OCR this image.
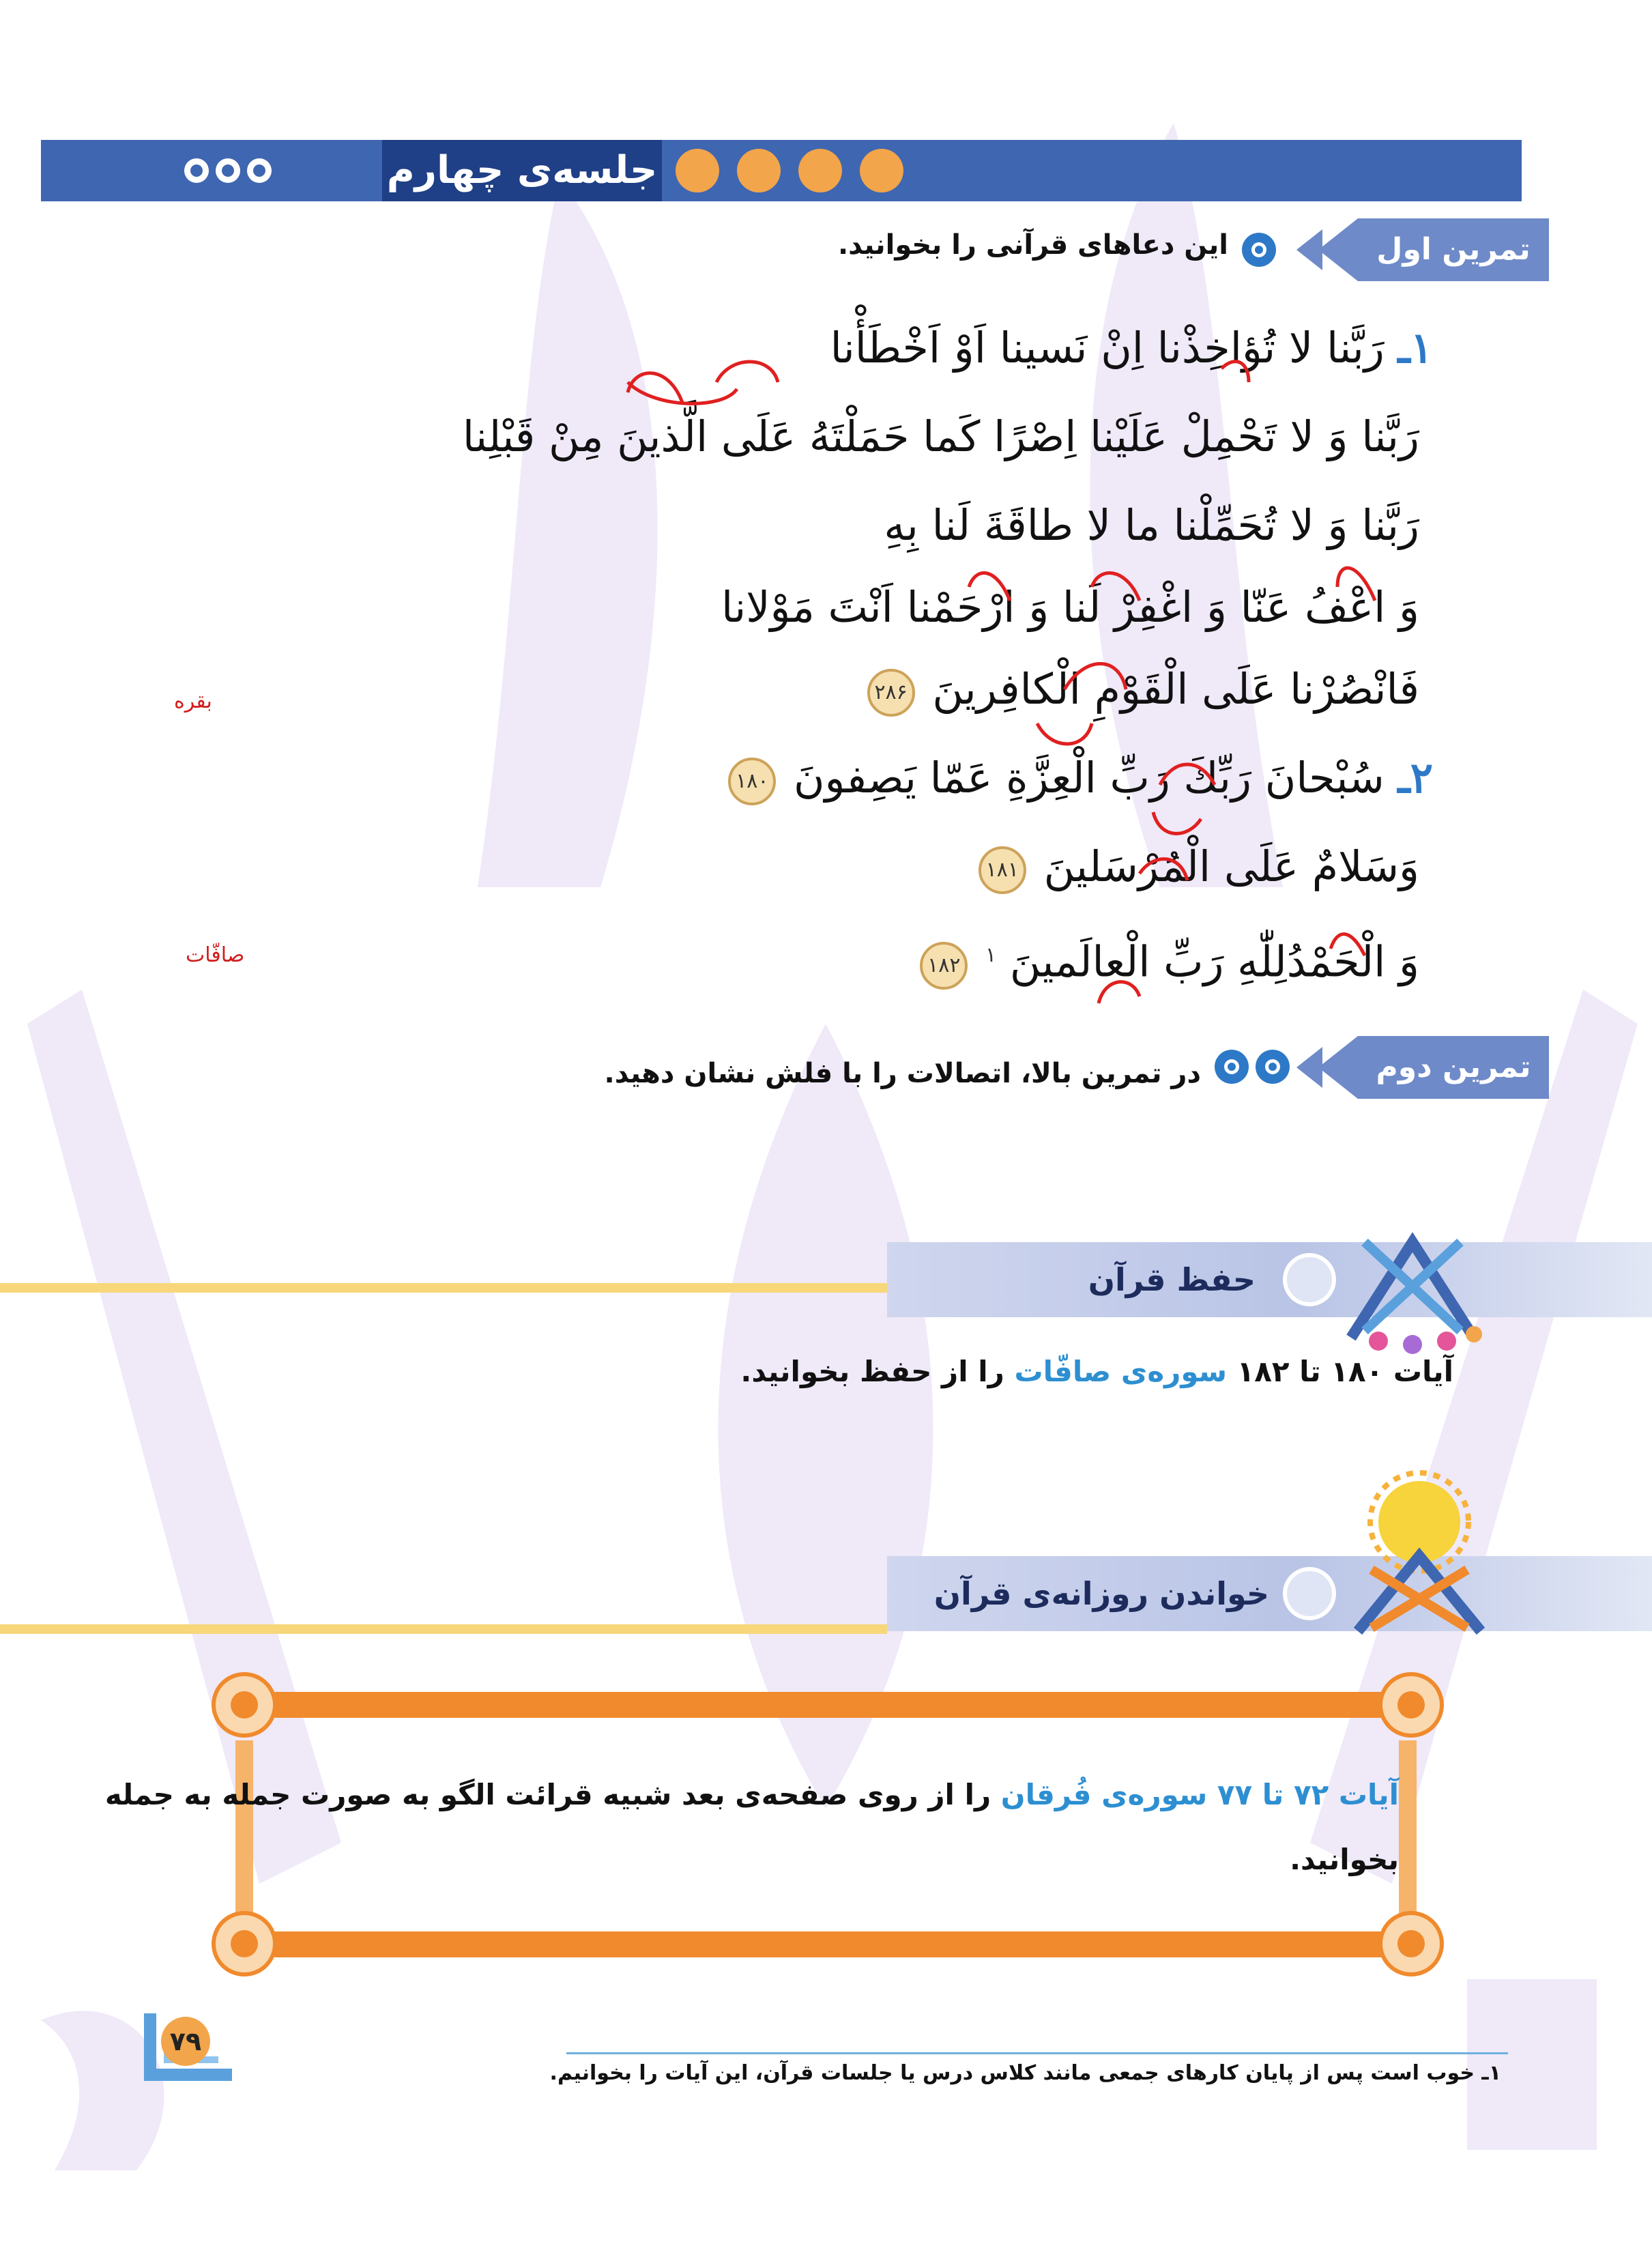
جلسه‌ی چهارم
تمرین اول
این دعاهای قرآنی را بخوانید.
۱ـ رَبَّنا لا تُؤاخِذْنا اِنْ نَسینا اَوْ اَخْطَأْنا
رَبَّنا وَ لا تَحْمِلْ عَلَیْنا اِصْرًا كَما حَمَلْتَهُ عَلَی الَّذینَ مِنْ قَبْلِنا
رَبَّنا وَ لا تُحَمِّلْنا ما لا طاقَةَ لَنا بِهِ
وَ اعْفُ عَنّا وَ اغْفِرْ لَنا وَ ارْحَمْنا اَنْتَ مَوْلانا
فَانْصُرْنا عَلَی الْقَوْمِ الْكافِرینَ ۲۸۶
بقره
۲ـ سُبْحانَ رَبِّكَ رَبِّ الْعِزَّةِ عَمّا یَصِفونَ ۱۸۰
وَسَلامٌ عَلَی الْمُرْسَلینَ ۱۸۱
وَ الْحَمْدُلِلّٰهِ رَبِّ الْعالَمینَ $^۱$ ۱۸۲
صافّات
تمرین دوم
در تمرین بالا، اتصالات را با فلش نشان دهید.
حفظ قرآن
آیات ۱۸۰ تا ۱۸۲ سوره‌ی صافّات را از حفظ بخوانید.
خواندن روزانه‌ی قرآن
آیات ۷۲ تا ۷۷ سوره‌ی فُرقان را از روی صفحه‌ی بعد شبیه قرائت الگو به صورت جمله به جمله
بخوانید.
۷۹
۱ـ خوب است پس از پایان کارهای جمعی مانند کلاس درس یا جلسات قرآن، این آیات را بخوانیم.
